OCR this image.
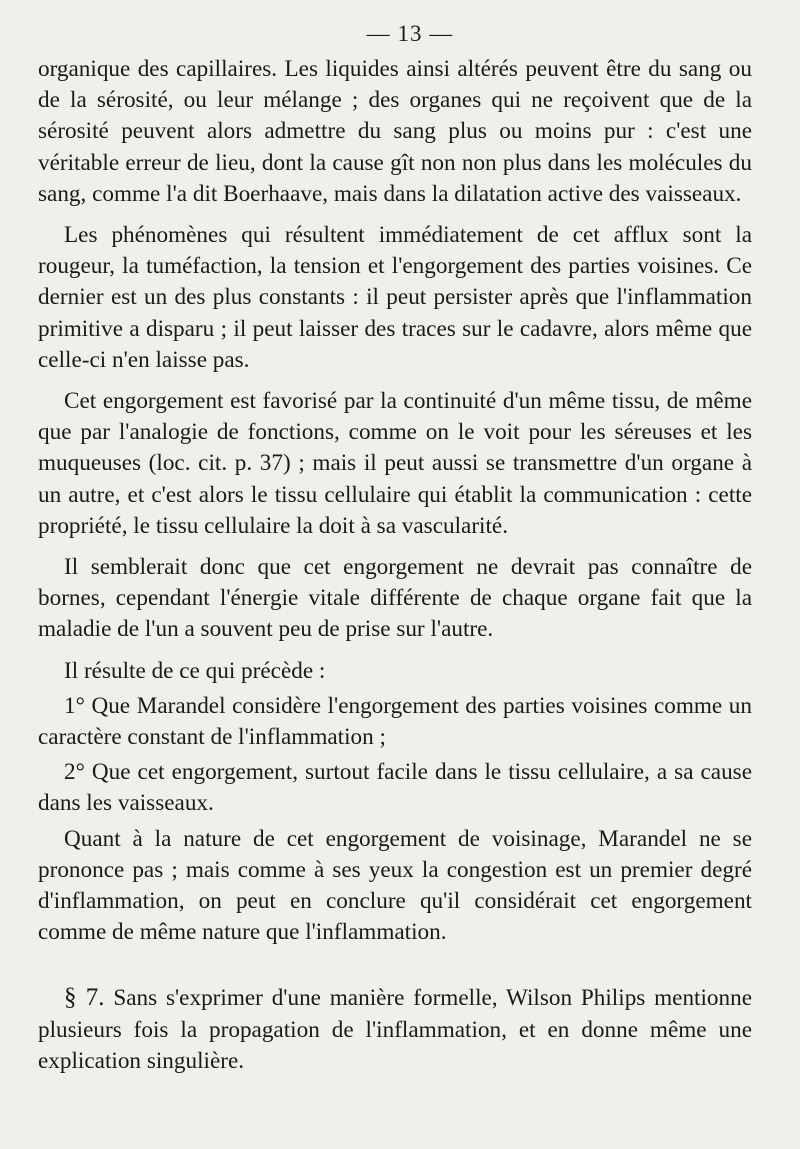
— 13 —

organique des capillaires. Les liquides ainsi altérés peuvent être du sang ou de la sérosité, ou leur mélange ; des organes qui ne reçoivent que de la sérosité peuvent alors admettre du sang plus ou moins pur : c'est une véritable erreur de lieu, dont la cause gît non non plus dans les molécules du sang, comme l'a dit Boerhaave, mais dans la dilatation active des vaisseaux.

Les phénomènes qui résultent immédiatement de cet afflux sont la rougeur, la tuméfaction, la tension et l'engorgement des parties voisines. Ce dernier est un des plus constants : il peut persister après que l'inflammation primitive a disparu ; il peut laisser des traces sur le cadavre, alors même que celle-ci n'en laisse pas.

Cet engorgement est favorisé par la continuité d'un même tissu, de même que par l'analogie de fonctions, comme on le voit pour les séreuses et les muqueuses (loc. cit. p. 37) ; mais il peut aussi se transmettre d'un organe à un autre, et c'est alors le tissu cellulaire qui établit la communication : cette propriété, le tissu cellulaire la doit à sa vascularité.

Il semblerait donc que cet engorgement ne devrait pas connaître de bornes, cependant l'énergie vitale différente de chaque organe fait que la maladie de l'un a souvent peu de prise sur l'autre.

Il résulte de ce qui précède :

1° Que Marandel considère l'engorgement des parties voisines comme un caractère constant de l'inflammation ;

2° Que cet engorgement, surtout facile dans le tissu cellulaire, a sa cause dans les vaisseaux.

Quant à la nature de cet engorgement de voisinage, Marandel ne se prononce pas ; mais comme à ses yeux la congestion est un premier degré d'inflammation, on peut en conclure qu'il considérait cet engorgement comme de même nature que l'inflammation.

§ 7. Sans s'exprimer d'une manière formelle, Wilson Philips mentionne plusieurs fois la propagation de l'inflammation, et en donne même une explication singulière.
